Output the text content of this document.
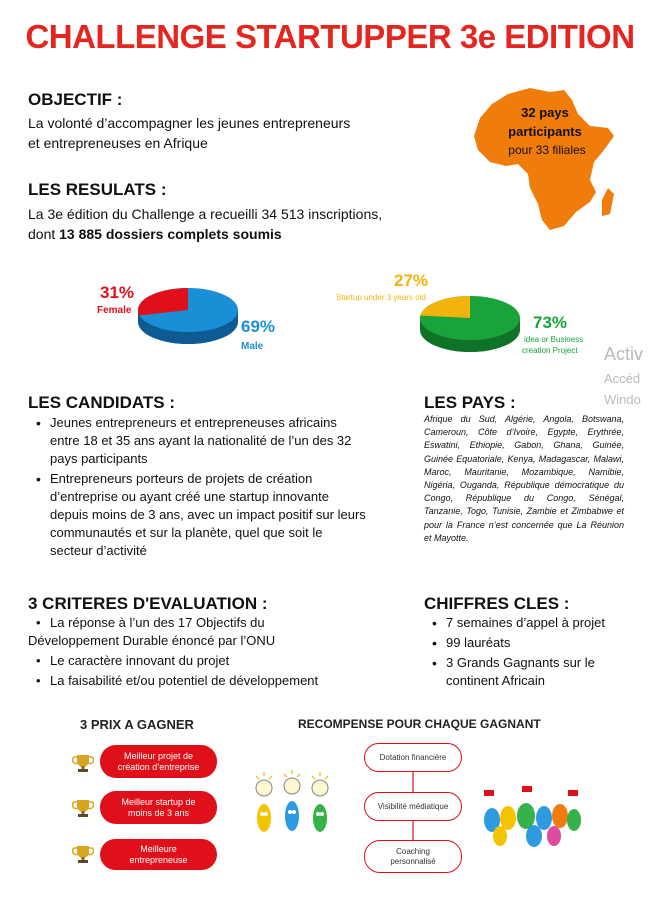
CHALLENGE STARTUPPER 3e EDITION
OBJECTIF :
La volonté d’accompagner les jeunes entrepreneurs
et entrepreneuses en Afrique
32 pays
participants
pour 33 filiales
LES RESULATS :
La 3e édition du Challenge a recueilli 34 513 inscriptions,
dont 13 885 dossiers complets soumis
31%
Female
69%
Male
27%
Startup under 3 years old
73%
idea or Business
creation Project Activ
Accéd
Windo
LES CANDIDATS :
• Jeunes entrepreneurs et entrepreneuses africains entre 18 et 35 ans ayant la nationalité de l’un des 32 pays participants
• Entrepreneurs porteurs de projets de création d’entreprise ou ayant créé une startup innovante depuis moins de 3 ans, avec un impact positif sur leurs communautés et sur la planète, quel que soit le secteur d’activité
LES PAYS :
Afrique du Sud, Algérie, Angola, Botswana, Cameroun, Côte d’Ivoire, Egypte, Erythrée, Eswatini, Ethiopie, Gabon, Ghana, Guinée, Guinée Equatoriale, Kenya, Madagascar, Malawi, Maroc, Mauritanie, Mozambique, Namibie, Nigéria, Ouganda, République démocratique du Congo, République du Congo, Sénégal, Tanzanie, Togo, Tunisie, Zambie et Zimbabwe et pour la France n’est concernée que La Réunion et Mayotte.
3 CRITERES D'EVALUATION :
• La réponse à l’un des 17 Objectifs du
Développement Durable énoncé par l’ONU
• Le caractère innovant du projet
• La faisabilité et/ou potentiel de développement
CHIFFRES CLES :
• 7 semaines d’appel à projet
• 99 lauréats
• 3 Grands Gagnants sur le continent Africain
3 PRIX A GAGNER
Meilleur projet de création d’entreprise
Meilleur startup de moins de 3 ans
Meilleure entrepreneuse
RECOMPENSE POUR CHAQUE GAGNANT
Dotation financière
Visibilité médiatique
Coaching personnalisé
